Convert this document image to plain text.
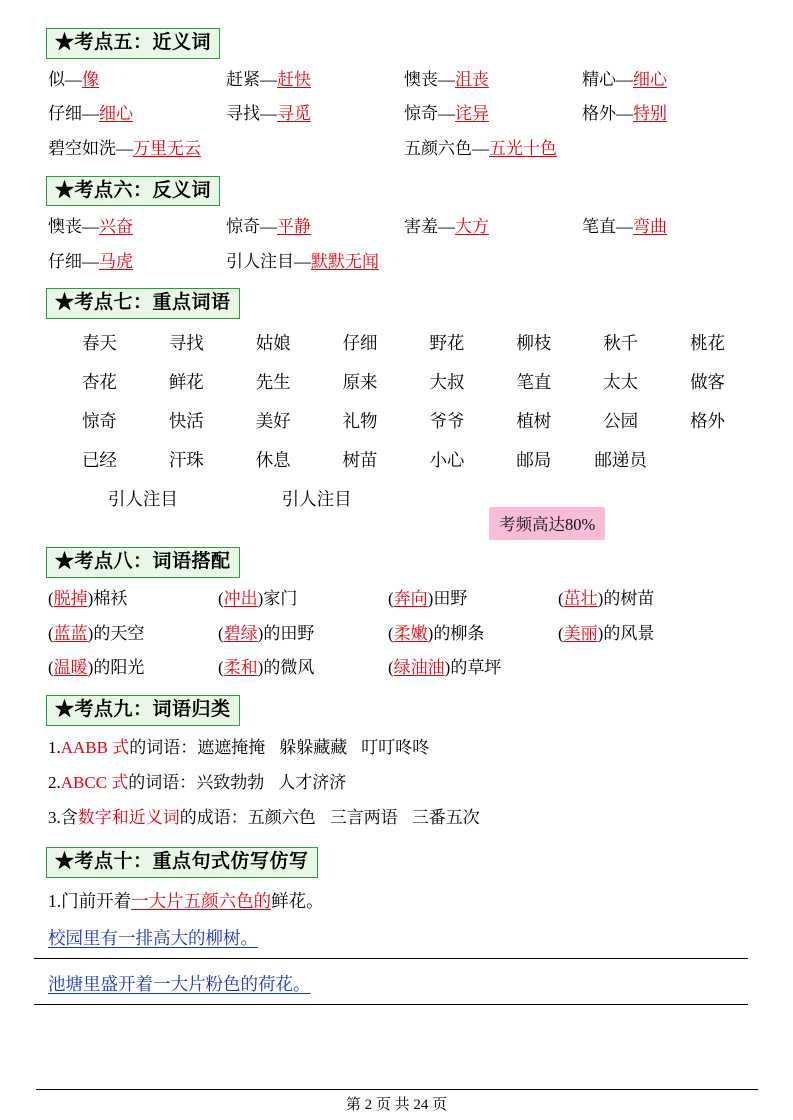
★考点五：近义词
似—像	赶紧—赶快	懊丧—沮丧	精心—细心
仔细—细心	寻找—寻觅	惊奇—诧异	格外—特别
碧空如洗—万里无云	五颜六色—五光十色
★考点六：反义词
懊丧—兴奋	惊奇—平静	害羞—大方	笔直—弯曲
仔细—马虎	引人注目—默默无闻
★考点七：重点词语
春天	寻找	姑娘	仔细	野花	柳枝	秋千	桃花
杏花	鲜花	先生	原来	大叔	笔直	太太	做客
惊奇	快活	美好	礼物	爷爷	植树	公园	格外
已经	汗珠	休息	树苗	小心	邮局	邮递员
引人注目	引人注目
考频高达80%
★考点八：词语搭配
(脱掉)棉袄	(冲出)家门	(奔向)田野	(茁壮)的树苗
(蓝蓝)的天空	(碧绿)的田野	(柔嫩)的柳条	(美丽)的风景
(温暖)的阳光	(柔和)的微风	(绿油油)的草坪
★考点九：词语归类
1.AABB 式的词语：遮遮掩掩 躲躲藏藏 叮叮咚咚
2.ABCC 式的词语：兴致勃勃 人才济济
3.含数字和近义词的成语：五颜六色 三言两语 三番五次
★考点十：重点句式仿写仿写
1.门前开着一大片五颜六色的鲜花。
校园里有一排高大的柳树。
池塘里盛开着一大片粉色的荷花。
第 2 页 共 24 页
